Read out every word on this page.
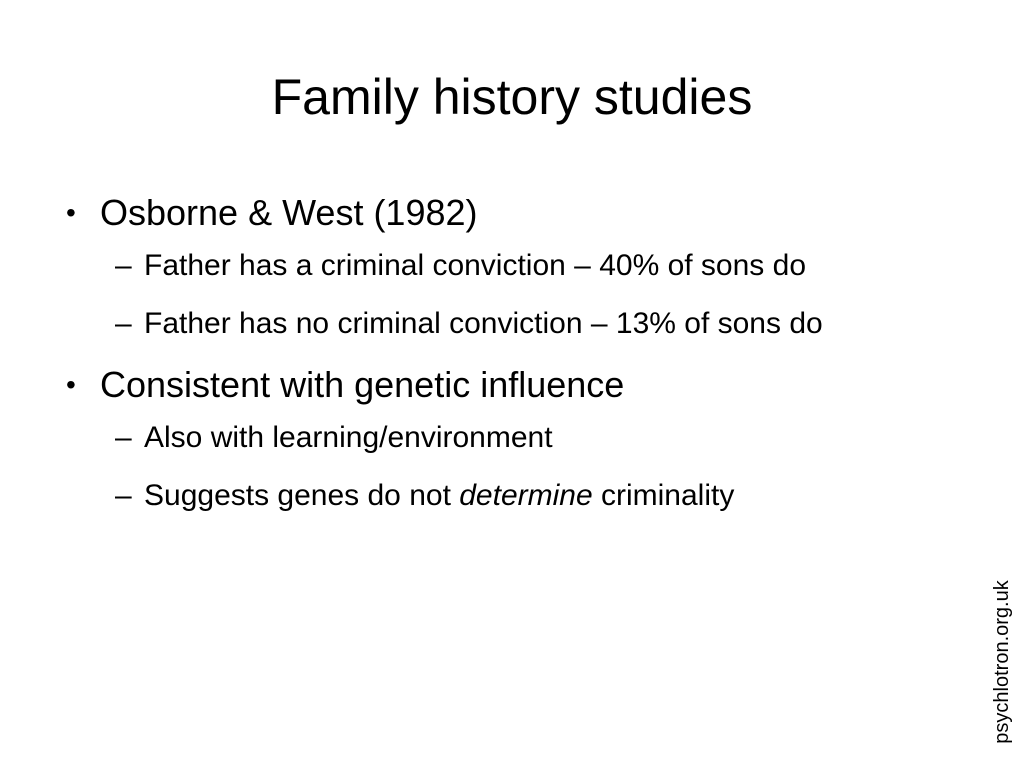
Family history studies
• Osborne & West (1982)
– Father has a criminal conviction – 40% of sons do
– Father has no criminal conviction – 13% of sons do
• Consistent with genetic influence
– Also with learning/environment
– Suggests genes do not determine criminality
psychlotron.org.uk
